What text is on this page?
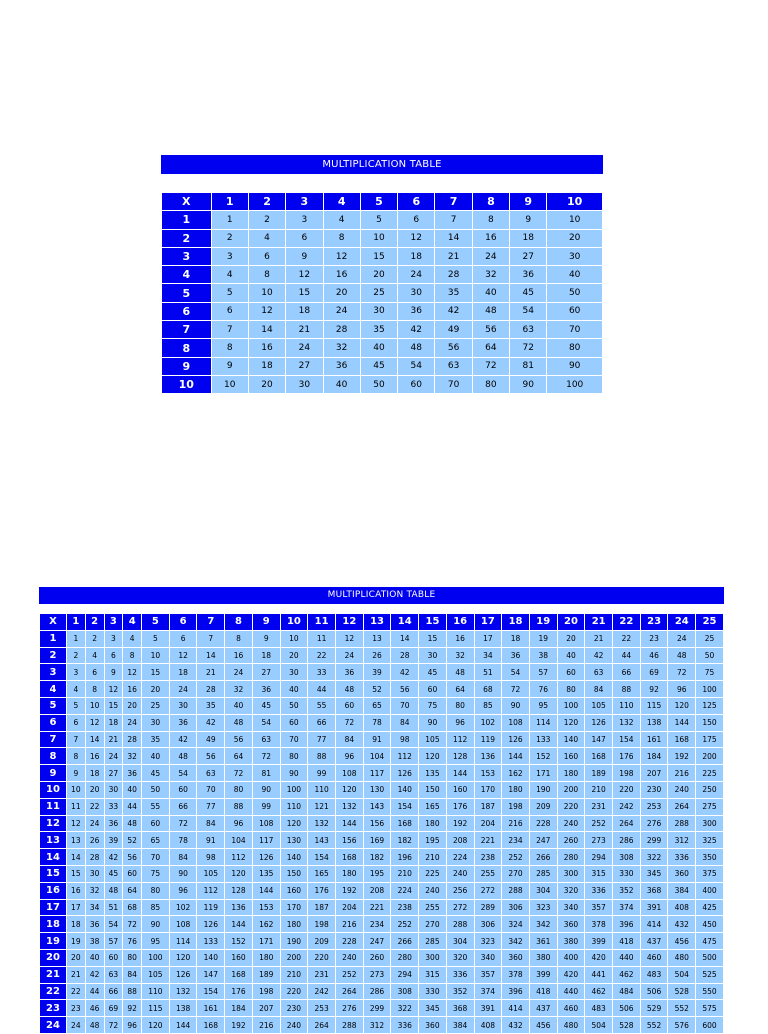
MULTIPLICATION TABLE
X	1	2	3	4	5	6	7	8	9	10
1	1	2	3	4	5	6	7	8	9	10
2	2	4	6	8	10	12	14	16	18	20
3	3	6	9	12	15	18	21	24	27	30
4	4	8	12	16	20	24	28	32	36	40
5	5	10	15	20	25	30	35	40	45	50
6	6	12	18	24	30	36	42	48	54	60
7	7	14	21	28	35	42	49	56	63	70
8	8	16	24	32	40	48	56	64	72	80
9	9	18	27	36	45	54	63	72	81	90
10	10	20	30	40	50	60	70	80	90	100
MULTIPLICATION TABLE
X	1	2	3	4	5	6	7	8	9	10	11	12	13	14	15	16	17	18	19	20	21	22	23	24	25
1	1	2	3	4	5	6	7	8	9	10	11	12	13	14	15	16	17	18	19	20	21	22	23	24	25
2	2	4	6	8	10	12	14	16	18	20	22	24	26	28	30	32	34	36	38	40	42	44	46	48	50
3	3	6	9	12	15	18	21	24	27	30	33	36	39	42	45	48	51	54	57	60	63	66	69	72	75
4	4	8	12	16	20	24	28	32	36	40	44	48	52	56	60	64	68	72	76	80	84	88	92	96	100
5	5	10	15	20	25	30	35	40	45	50	55	60	65	70	75	80	85	90	95	100	105	110	115	120	125
6	6	12	18	24	30	36	42	48	54	60	66	72	78	84	90	96	102	108	114	120	126	132	138	144	150
7	7	14	21	28	35	42	49	56	63	70	77	84	91	98	105	112	119	126	133	140	147	154	161	168	175
8	8	16	24	32	40	48	56	64	72	80	88	96	104	112	120	128	136	144	152	160	168	176	184	192	200
9	9	18	27	36	45	54	63	72	81	90	99	108	117	126	135	144	153	162	171	180	189	198	207	216	225
10	10	20	30	40	50	60	70	80	90	100	110	120	130	140	150	160	170	180	190	200	210	220	230	240	250
11	11	22	33	44	55	66	77	88	99	110	121	132	143	154	165	176	187	198	209	220	231	242	253	264	275
12	12	24	36	48	60	72	84	96	108	120	132	144	156	168	180	192	204	216	228	240	252	264	276	288	300
13	13	26	39	52	65	78	91	104	117	130	143	156	169	182	195	208	221	234	247	260	273	286	299	312	325
14	14	28	42	56	70	84	98	112	126	140	154	168	182	196	210	224	238	252	266	280	294	308	322	336	350
15	15	30	45	60	75	90	105	120	135	150	165	180	195	210	225	240	255	270	285	300	315	330	345	360	375
16	16	32	48	64	80	96	112	128	144	160	176	192	208	224	240	256	272	288	304	320	336	352	368	384	400
17	17	34	51	68	85	102	119	136	153	170	187	204	221	238	255	272	289	306	323	340	357	374	391	408	425
18	18	36	54	72	90	108	126	144	162	180	198	216	234	252	270	288	306	324	342	360	378	396	414	432	450
19	19	38	57	76	95	114	133	152	171	190	209	228	247	266	285	304	323	342	361	380	399	418	437	456	475
20	20	40	60	80	100	120	140	160	180	200	220	240	260	280	300	320	340	360	380	400	420	440	460	480	500
21	21	42	63	84	105	126	147	168	189	210	231	252	273	294	315	336	357	378	399	420	441	462	483	504	525
22	22	44	66	88	110	132	154	176	198	220	242	264	286	308	330	352	374	396	418	440	462	484	506	528	550
23	23	46	69	92	115	138	161	184	207	230	253	276	299	322	345	368	391	414	437	460	483	506	529	552	575
24	24	48	72	96	120	144	168	192	216	240	264	288	312	336	360	384	408	432	456	480	504	528	552	576	600
